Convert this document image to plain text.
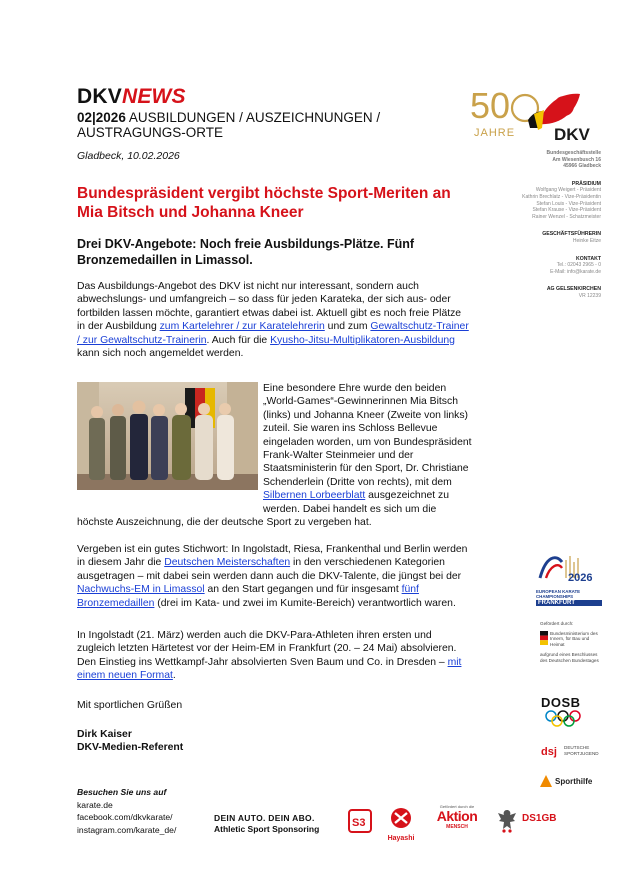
DKVNEWS
02|2026 AUSBILDUNGEN / AUSZEICHNUNGEN / AUSTRAGUNGS-ORTE
Gladbeck, 10.02.2026
50
JAHRE DKV
Bundesgeschäftsstelle
Am Wiesenbusch 16
45966 Gladbeck
PRÄSIDIUM
Wolfgang Weigert - Präsident
Kathrin Brechlatz - Vize-Präsidentin
Stefan Louis - Vize-Präsident
Stefan Krause - Vize-Präsident
Rainer Wenzel - Schatzmeister
GESCHÄFTSFÜHRERIN
Heinke Eitze
KONTAKT
Tel.: 02043 2965 - 0
E-Mail: info@karate.de
AG GELSENKIRCHEN
VR 12239
Bundespräsident vergibt höchste Sport-Meriten an Mia Bitsch und Johanna Kneer
Drei DKV-Angebote: Noch freie Ausbildungs-Plätze. Fünf Bronzemedaillen in Limassol.
Das Ausbildungs-Angebot des DKV ist nicht nur interessant, sondern auch abwechslungs- und umfangreich – so dass für jeden Karateka, der sich aus- oder fortbilden lassen möchte, garantiert etwas dabei ist. Aktuell gibt es noch freie Plätze in der Ausbildung zum Kartelehrer / zur Karatelehrerin und zum Gewaltschutz-Trainer / zur Gewaltschutz-Trainerin. Auch für die Kyusho-Jitsu-Multiplikatoren-Ausbildung kann sich noch angemeldet werden.
Eine besondere Ehre wurde den beiden „World-Games“-Gewinnerinnen Mia Bitsch (links) und Johanna Kneer (Zweite von links) zuteil. Sie waren ins Schloss Bellevue eingeladen worden, um von Bundespräsident Frank-Walter Steinmeier und der Staatsministerin für den Sport, Dr. Christiane Schenderlein (Dritte von rechts), mit dem Silbernen Lorbeerblatt ausgezeichnet zu werden. Dabei handelt es sich um die höchste Auszeichnung, die der deutsche Sport zu vergeben hat.
Vergeben ist ein gutes Stichwort: In Ingolstadt, Riesa, Frankenthal und Berlin werden in diesem Jahr die Deutschen Meisterschaften in den verschiedenen Kategorien ausgetragen – mit dabei sein werden dann auch die DKV-Talente, die jüngst bei der Nachwuchs-EM in Limassol an den Start gegangen und für insgesamt fünf Bronzemedaillen (drei im Kata- und zwei im Kumite-Bereich) verantwortlich waren.
In Ingolstadt (21. März) werden auch die DKV-Para-Athleten ihren ersten und zugleich letzten Härtetest vor der Heim-EM in Frankfurt (20. – 24 Mai) absolvieren. Den Einstieg ins Wettkampf-Jahr absolvierten Sven Baum und Co. in Dresden – mit einem neuen Format.
Mit sportlichen Grüßen
Dirk Kaiser
DKV-Medien-Referent
Besuchen Sie uns auf
karate.de
facebook.com/dkvkarate/
instagram.com/karate_de/
DEIN AUTO. DEIN ABO.
Athletic Sport Sponsoring	S3
Hayashi
Gefördert durch die
Aktion
MENSCH
DS1GB
2026
EUROPEAN KARATE
CHAMPIONSHIPS
FRANKFURT
Gefördert durch:
Bundesministerium des Innern, für Bau und Heimat
aufgrund eines Beschlusses des Deutschen Bundestages
DOSB
dsj DEUTSCHE SPORTJUGEND
Sporthilfe
